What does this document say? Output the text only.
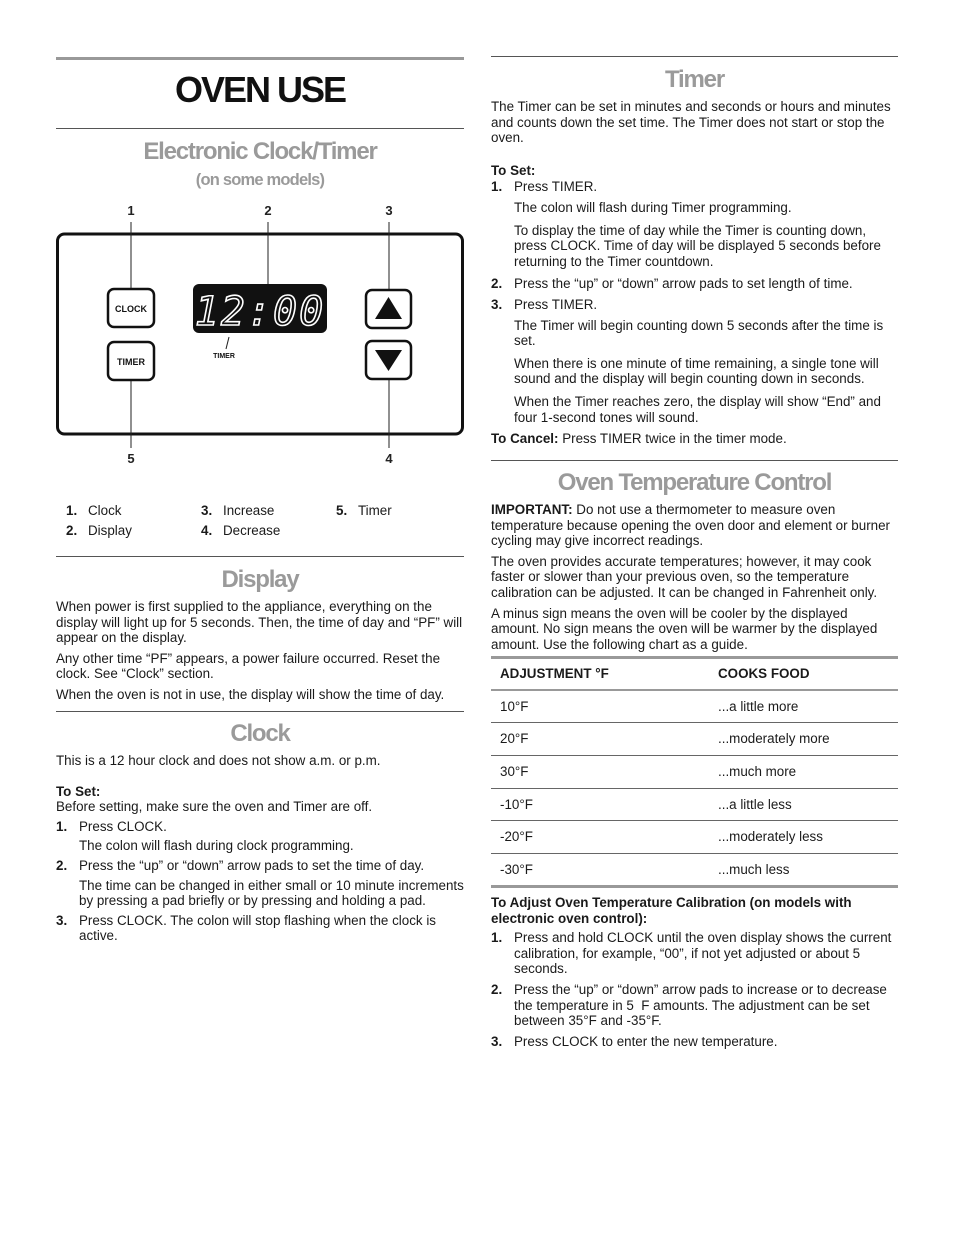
OVEN USE
Electronic Clock/Timer
(on some models)
1	2	3
5	4
CLOCK
TIMER
12:00
TIMER
1. Clock
2. Display
3. Increase
4. Decrease
5. Timer
Display

When power is first supplied to the appliance, everything on the display will light up for 5 seconds. Then, the time of day and “PF” will appear on the display.

Any other time “PF” appears, a power failure occurred. Reset the clock. See “Clock” section.

When the oven is not in use, the display will show the time of day.

Clock

This is a 12 hour clock and does not show a.m. or p.m.

To Set:

Before setting, make sure the oven and Timer are off.

1. Press CLOCK.
The colon will flash during clock programming.
2. Press the “up” or “down” arrow pads to set the time of day.
The time can be changed in either small or 10 minute increments by pressing a pad briefly or by pressing and holding a pad.
3. Press CLOCK. The colon will stop flashing when the clock is active.
Timer

The Timer can be set in minutes and seconds or hours and minutes and counts down the set time. The Timer does not start or stop the oven.

To Set:

1. Press TIMER.
The colon will flash during Timer programming.
To display the time of day while the Timer is counting down, press CLOCK. Time of day will be displayed 5 seconds before returning to the Timer countdown.
2. Press the “up” or “down” arrow pads to set length of time.
3. Press TIMER.
The Timer will begin counting down 5 seconds after the time is set.
When there is one minute of time remaining, a single tone will sound and the display will begin counting down in seconds.
When the Timer reaches zero, the display will show “End” and four 1-second tones will sound.

To Cancel: Press TIMER twice in the timer mode.

Oven Temperature Control

IMPORTANT: Do not use a thermometer to measure oven temperature because opening the oven door and element or burner cycling may give incorrect readings.

The oven provides accurate temperatures; however, it may cook faster or slower than your previous oven, so the temperature calibration can be adjusted. It can be changed in Fahrenheit only.

A minus sign means the oven will be cooler by the displayed amount. No sign means the oven will be warmer by the displayed amount. Use the following chart as a guide.

ADJUSTMENT °F	COOKS FOOD
10°F	...a little more
20°F	...moderately more
30°F	...much more
-10°F	...a little less
-20°F	...moderately less
-30°F	...much less

To Adjust Oven Temperature Calibration (on models with electronic oven control):

1. Press and hold CLOCK until the oven display shows the current calibration, for example, “00”, if not yet adjusted or about 5 seconds.
2. Press the “up” or “down” arrow pads to increase or to decrease the temperature in 5  F amounts. The adjustment can be set between 35°F and -35°F.
3. Press CLOCK to enter the new temperature.
